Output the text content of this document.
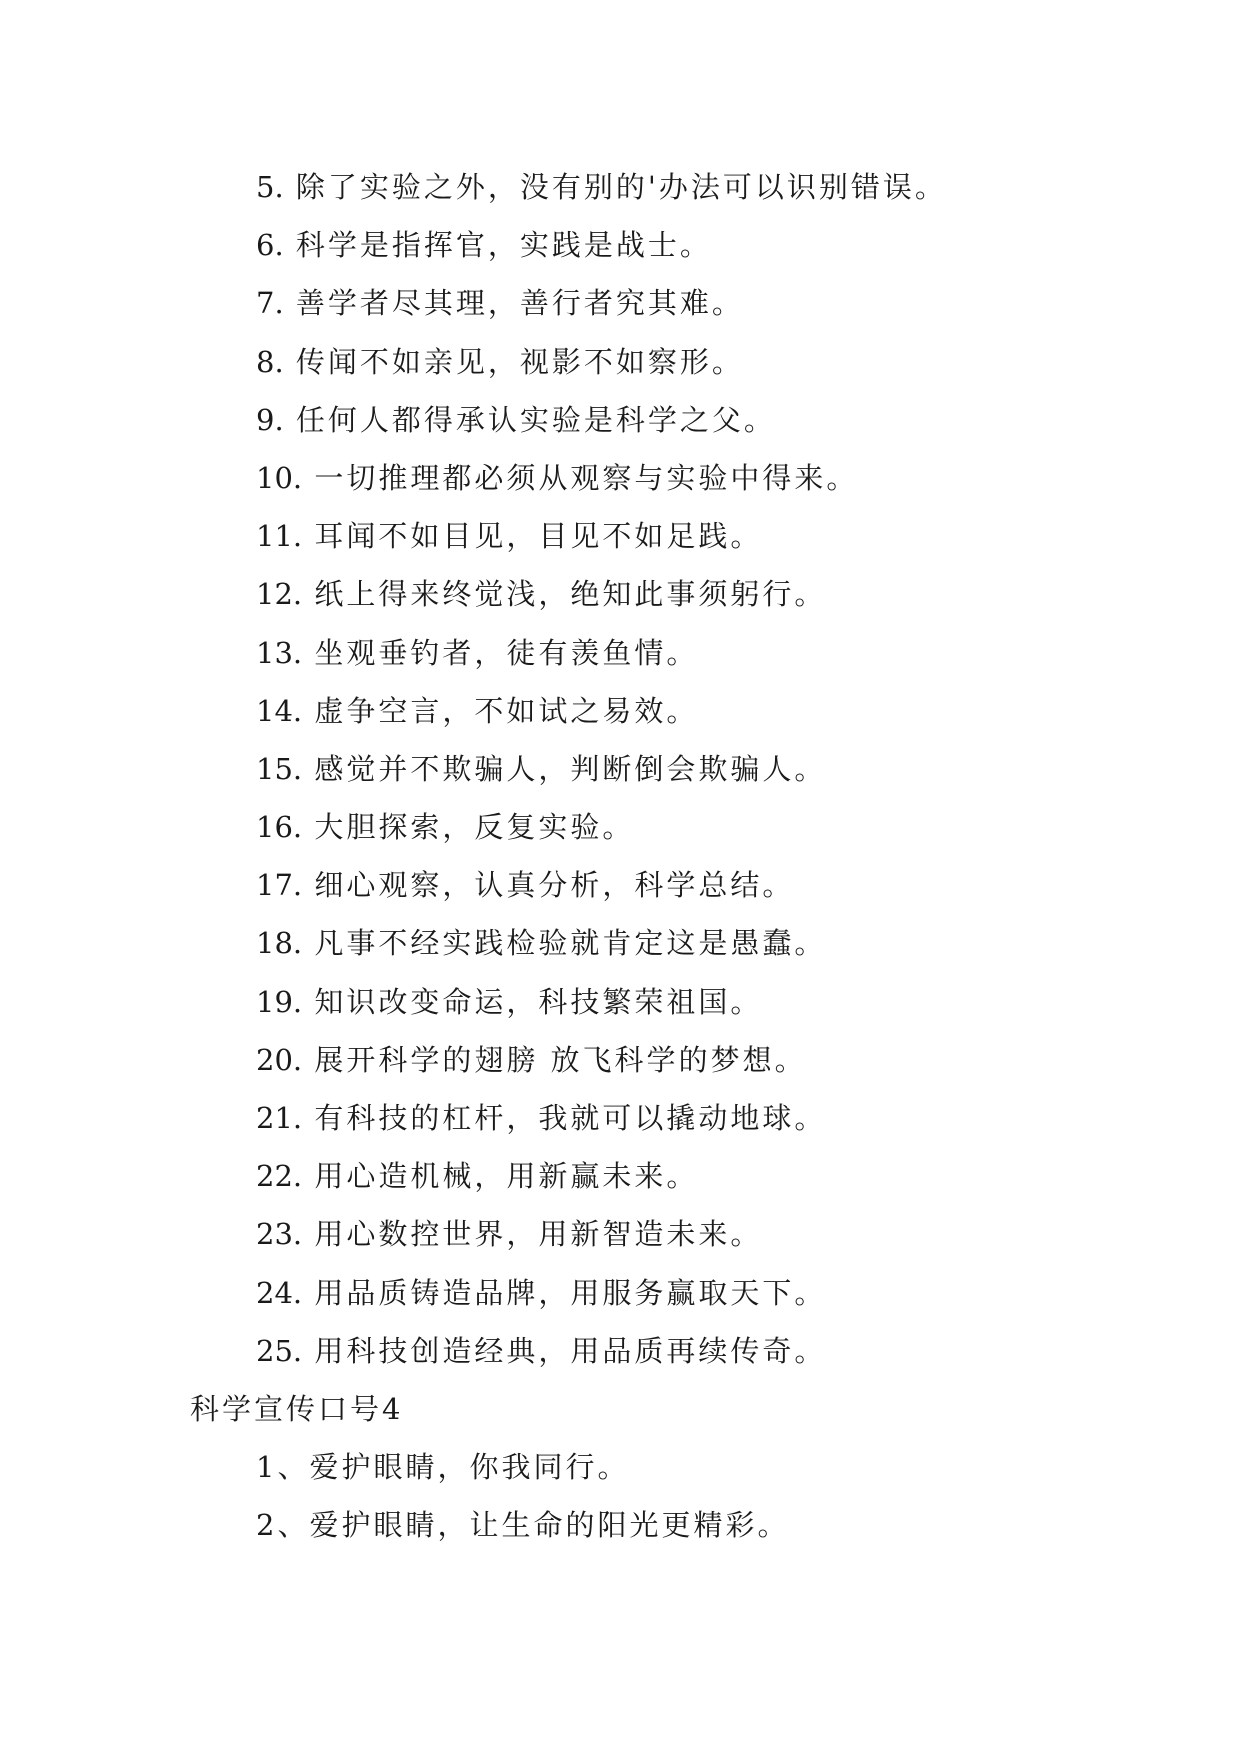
5. 除了实验之外，没有别的'办法可以识别错误。
6. 科学是指挥官，实践是战士。
7. 善学者尽其理，善行者究其难。
8. 传闻不如亲见，视影不如察形。
9. 任何人都得承认实验是科学之父。
10. 一切推理都必须从观察与实验中得来。
11. 耳闻不如目见，目见不如足践。
12. 纸上得来终觉浅，绝知此事须躬行。
13. 坐观垂钓者，徒有羡鱼情。
14. 虚争空言，不如试之易效。
15. 感觉并不欺骗人，判断倒会欺骗人。
16. 大胆探索，反复实验。
17. 细心观察，认真分析，科学总结。
18. 凡事不经实践检验就肯定这是愚蠢。
19. 知识改变命运，科技繁荣祖国。
20. 展开科学的翅膀 放飞科学的梦想。
21. 有科技的杠杆，我就可以撬动地球。
22. 用心造机械，用新赢未来。
23. 用心数控世界，用新智造未来。
24. 用品质铸造品牌，用服务赢取天下。
25. 用科技创造经典，用品质再续传奇。
科学宣传口号4
1、爱护眼睛，你我同行。
2、爱护眼睛，让生命的阳光更精彩。
